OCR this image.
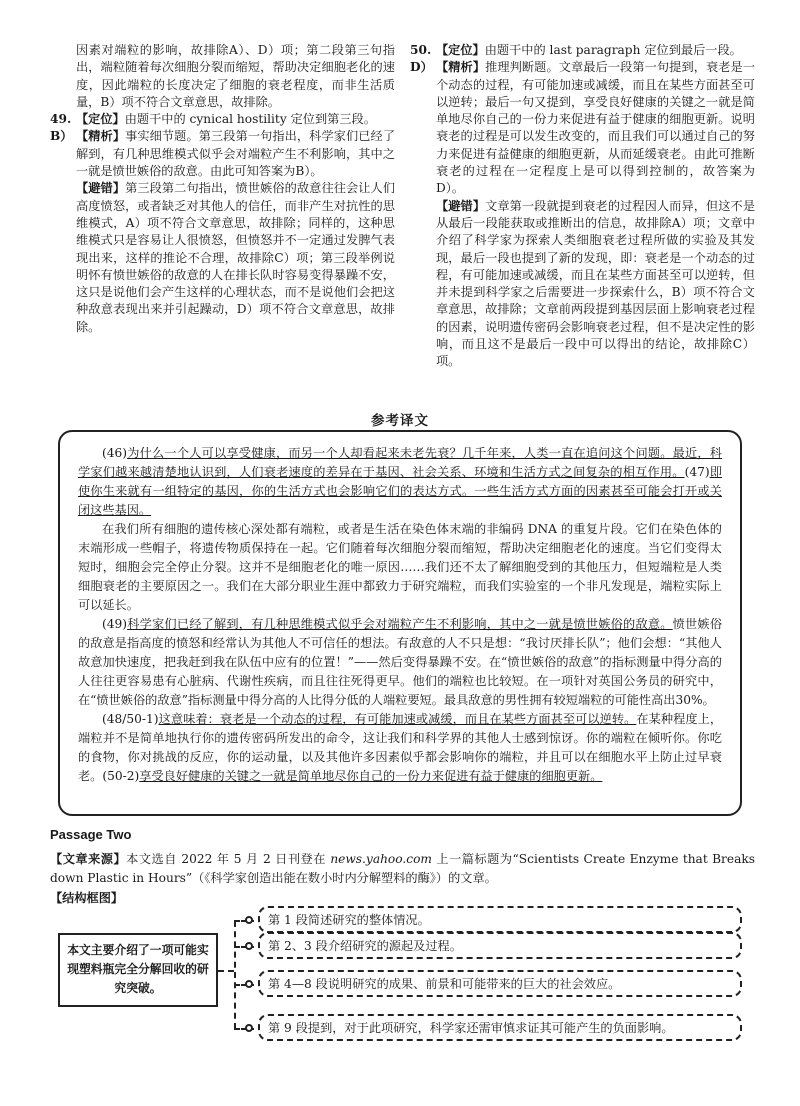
因素对端粒的影响，故排除A）、D）项；第二段第三句指出，端粒随着每次细胞分裂而缩短，帮助决定细胞老化的速度，因此端粒的长度决定了细胞的衰老程度，而非生活质量，B）项不符合文章意思，故排除。

49. 【定位】由题干中的 cynical hostility 定位到第三段。
B） 【精析】事实细节题。第三段第一句指出，科学家们已经了解到，有几种思维模式似乎会对端粒产生不利影响，其中之一就是愤世嫉俗的敌意。由此可知答案为B）。

【避错】第三段第二句指出，愤世嫉俗的敌意往往会让人们高度愤怒，或者缺乏对其他人的信任，而非产生对抗性的思维模式，A）项不符合文章意思，故排除；同样的，这种思维模式只是容易让人很愤怒，但愤怒并不一定通过发脾气表现出来，这样的推论不合理，故排除C）项；第三段举例说明怀有愤世嫉俗的敌意的人在排长队时容易变得暴躁不安，这只是说他们会产生这样的心理状态，而不是说他们会把这种敌意表现出来并引起躁动，D）项不符合文章意思，故排除。

50. 【定位】由题干中的 last paragraph 定位到最后一段。
D） 【精析】推理判断题。文章最后一段第一句提到，衰老是一个动态的过程，有可能加速或减缓，而且在某些方面甚至可以逆转；最后一句又提到，享受良好健康的关键之一就是简单地尽你自己的一份力来促进有益于健康的细胞更新。说明衰老的过程是可以发生改变的，而且我们可以通过自己的努力来促进有益健康的细胞更新，从而延缓衰老。由此可推断衰老的过程在一定程度上是可以得到控制的，故答案为D）。

【避错】文章第一段就提到衰老的过程因人而异，但这不是从最后一段能获取或推断出的信息，故排除A）项；文章中介绍了科学家为探索人类细胞衰老过程所做的实验及其发现，最后一段也提到了新的发现，即：衰老是一个动态的过程，有可能加速或减缓，而且在某些方面甚至可以逆转，但并未提到科学家之后需要进一步探索什么，B）项不符合文章意思，故排除；文章前两段提到基因层面上影响衰老过程的因素，说明遗传密码会影响衰老过程，但不是决定性的影响，而且这不是最后一段中可以得出的结论，故排除C）项。

参考译文

(46)为什么一个人可以享受健康，而另一个人却看起来未老先衰？几千年来，人类一直在追问这个问题。最近，科学家们越来越清楚地认识到，人们衰老速度的差异在于基因、社会关系、环境和生活方式之间复杂的相互作用。(47)即使你生来就有一组特定的基因，你的生活方式也会影响它们的表达方式。一些生活方式方面的因素甚至可能会打开或关闭这些基因。

在我们所有细胞的遗传核心深处都有端粒，或者是生活在染色体末端的非编码 DNA 的重复片段。它们在染色体的末端形成一些帽子，将遗传物质保持在一起。它们随着每次细胞分裂而缩短，帮助决定细胞老化的速度。当它们变得太短时，细胞会完全停止分裂。这并不是细胞老化的唯一原因……我们还不太了解细胞受到的其他压力，但短端粒是人类细胞衰老的主要原因之一。我们在大部分职业生涯中都致力于研究端粒，而我们实验室的一个非凡发现是，端粒实际上可以延长。

(49)科学家们已经了解到，有几种思维模式似乎会对端粒产生不利影响，其中之一就是愤世嫉俗的敌意。愤世嫉俗的敌意是指高度的愤怒和经常认为其他人不可信任的想法。有敌意的人不只是想：“我讨厌排长队”；他们会想：“其他人故意加快速度，把我赶到我在队伍中应有的位置！”——然后变得暴躁不安。在“愤世嫉俗的敌意”的指标测量中得分高的人往往更容易患有心脏病、代谢性疾病，而且往往死得更早。他们的端粒也比较短。在一项针对英国公务员的研究中，在“愤世嫉俗的敌意”指标测量中得分高的人比得分低的人端粒要短。最具敌意的男性拥有较短端粒的可能性高出30%。

(48/50-1)这意味着：衰老是一个动态的过程，有可能加速或减缓，而且在某些方面甚至可以逆转。在某种程度上，端粒并不是简单地执行你的遗传密码所发出的命令，这让我们和科学界的其他人士感到惊讶。你的端粒在倾听你。你吃的食物，你对挑战的反应，你的运动量，以及其他许多因素似乎都会影响你的端粒，并且可以在细胞水平上防止过早衰老。(50-2)享受良好健康的关键之一就是简单地尽你自己的一份力来促进有益于健康的细胞更新。

Passage Two
【文章来源】本文选自 2022 年 5 月 2 日刊登在 news.yahoo.com 上一篇标题为“Scientists Create Enzyme that Breaks down Plastic in Hours”（《科学家创造出能在数小时内分解塑料的酶》）的文章。
【结构框图】
本文主要介绍了一项可能实现塑料瓶完全分解回收的研究突破。
第 1 段简述研究的整体情况。
第 2、3 段介绍研究的源起及过程。
第 4—8 段说明研究的成果、前景和可能带来的巨大的社会效应。
第 9 段提到，对于此项研究，科学家还需审慎求证其可能产生的负面影响。
